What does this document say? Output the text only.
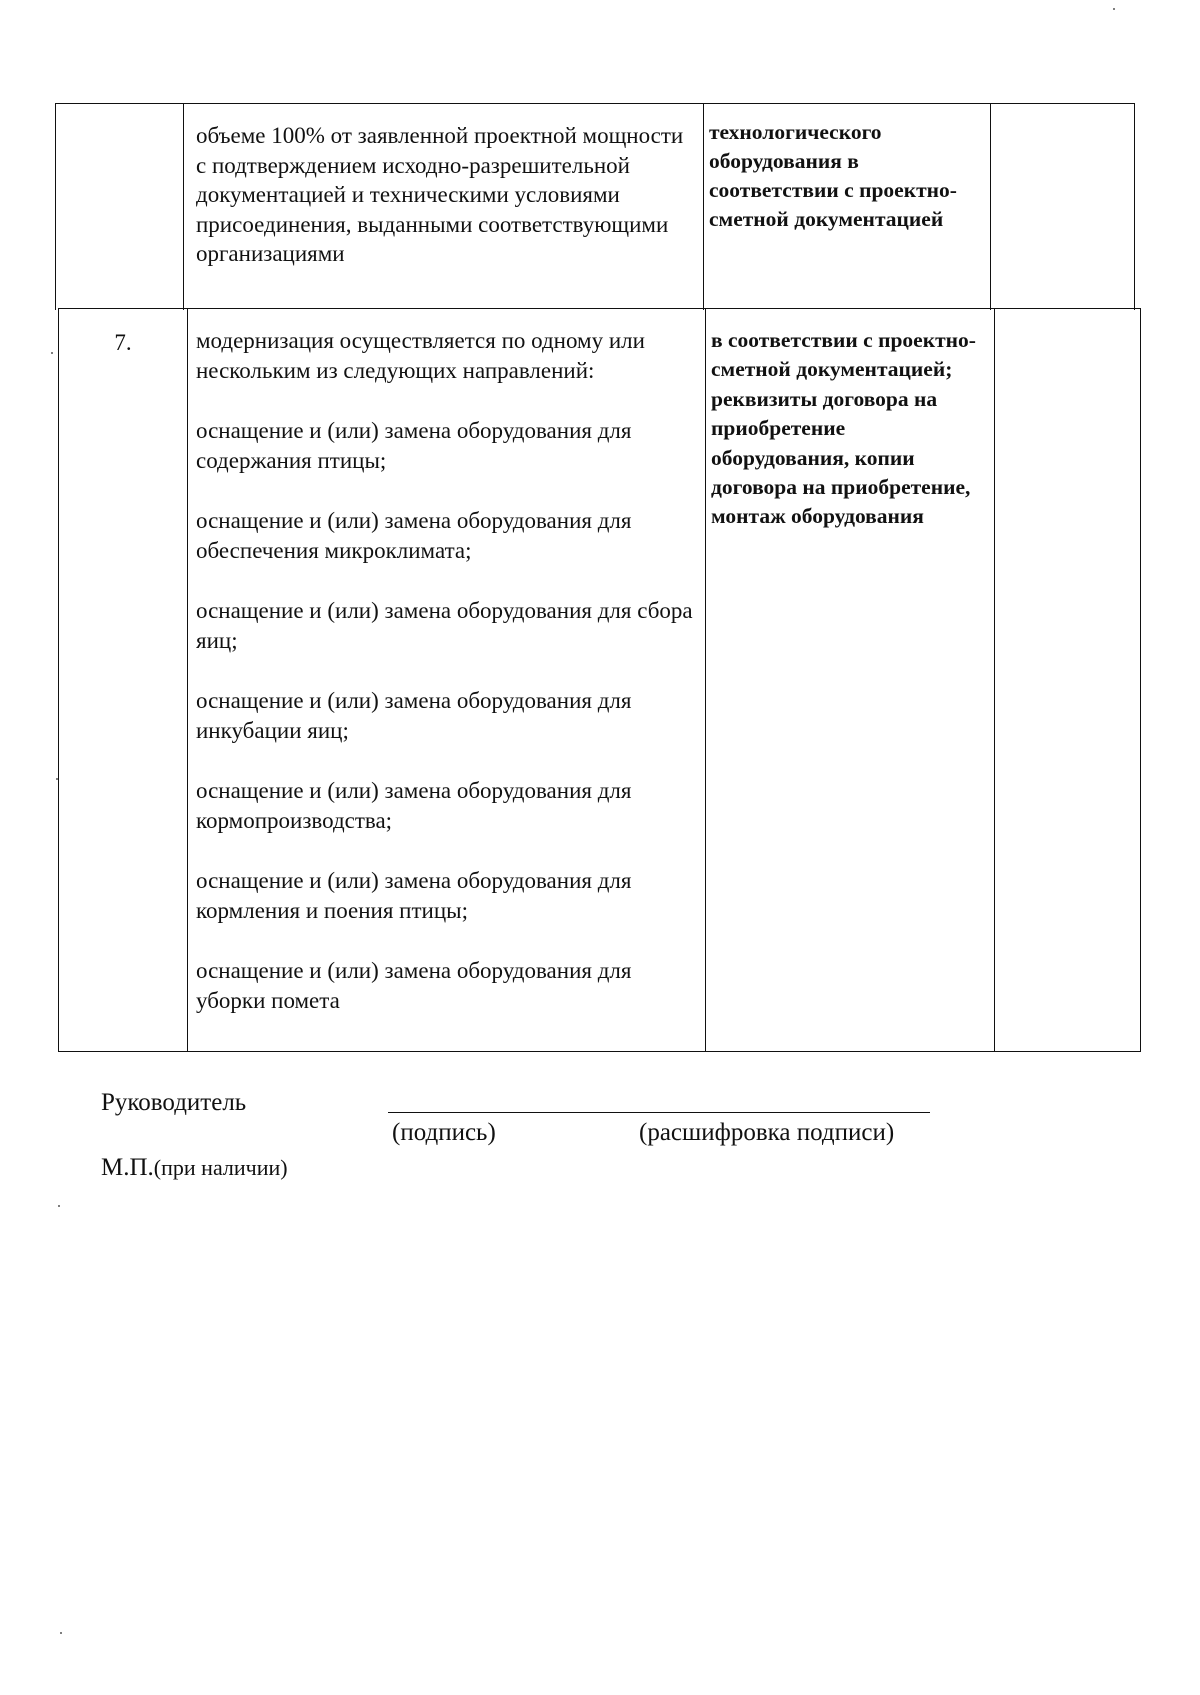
объеме 100% от заявленной проектной мощности с подтверждением исходно-разрешительной документацией и техническими условиями присоединения, выданными соответствующими организациями
технологического оборудования в соответствии с проектно-сметной документацией
7.	модернизация осуществляется по одному или нескольким из следующих направлений:

оснащение и (или) замена оборудования для содержания птицы;

оснащение и (или) замена оборудования для обеспечения микроклимата;

оснащение и (или) замена оборудования для сбора яиц;

оснащение и (или) замена оборудования для инкубации яиц;

оснащение и (или) замена оборудования для кормопроизводства;

оснащение и (или) замена оборудования для кормления и поения птицы;

оснащение и (или) замена оборудования для уборки помета

в соответствии с проектно-сметной документацией; реквизиты договора на приобретение оборудования, копии договора на приобретение, монтаж оборудования
Руководитель
(подпись)	(расшифровка подписи)
М.П.(при наличии)
